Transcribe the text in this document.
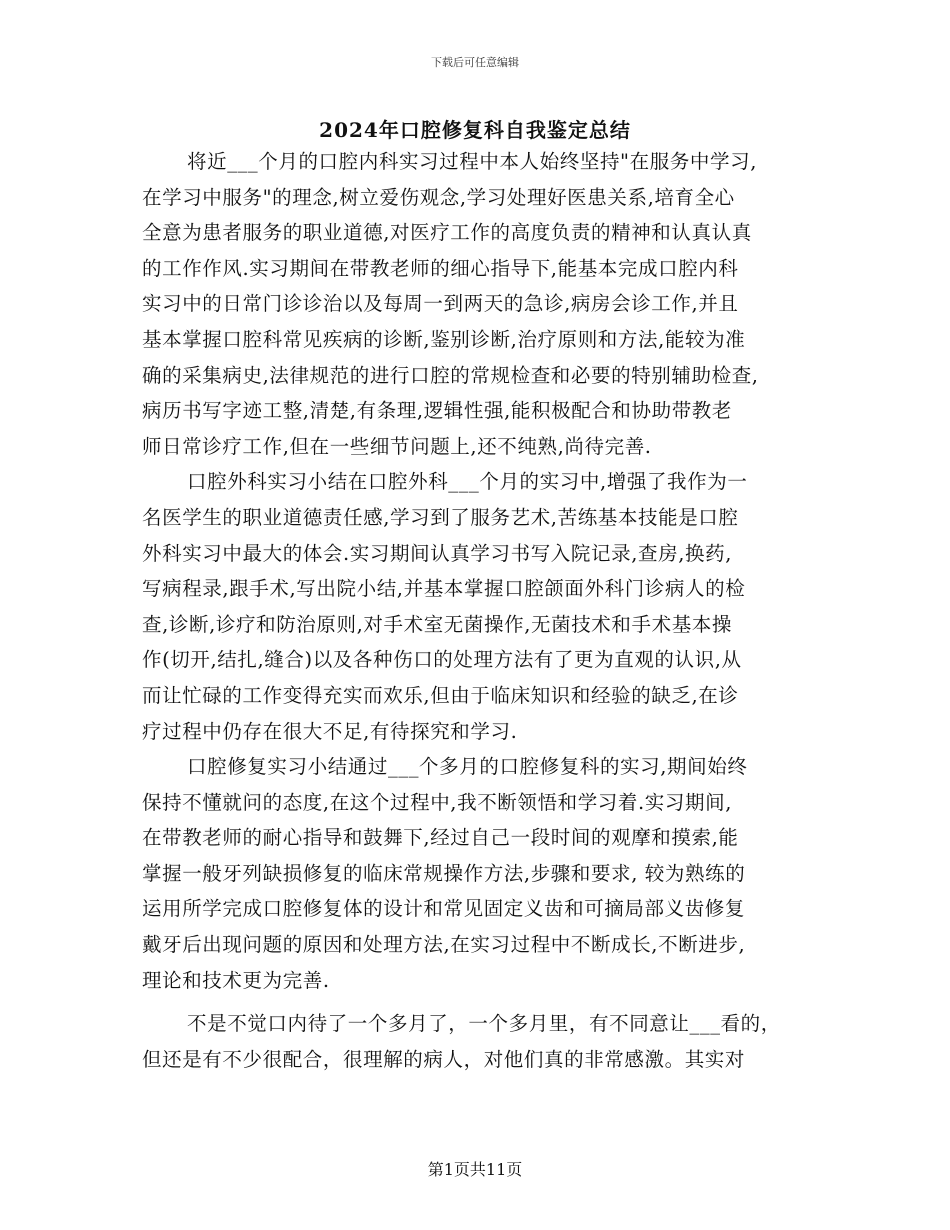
下载后可任意编辑
2024年口腔修复科自我鉴定总结
将近___个月的口腔内科实习过程中本人始终坚持"在服务中学习,
在学习中服务"的理念,树立爱伤观念,学习处理好医患关系,培育全心
全意为患者服务的职业道德,对医疗工作的高度负责的精神和认真认真
的工作作风.实习期间在带教老师的细心指导下,能基本完成口腔内科
实习中的日常门诊诊治以及每周一到两天的急诊,病房会诊工作,并且
基本掌握口腔科常见疾病的诊断,鉴别诊断,治疗原则和方法,能较为准
确的采集病史,法律规范的进行口腔的常规检查和必要的特别辅助检查,
病历书写字迹工整,清楚,有条理,逻辑性强,能积极配合和协助带教老
师日常诊疗工作,但在一些细节问题上,还不纯熟,尚待完善.
口腔外科实习小结在口腔外科___个月的实习中,增强了我作为一
名医学生的职业道德责任感,学习到了服务艺术,苦练基本技能是口腔
外科实习中最大的体会.实习期间认真学习书写入院记录,查房,换药,
写病程录,跟手术,写出院小结,并基本掌握口腔颌面外科门诊病人的检
查,诊断,诊疗和防治原则,对手术室无菌操作,无菌技术和手术基本操
作(切开,结扎,缝合)以及各种伤口的处理方法有了更为直观的认识,从
而让忙碌的工作变得充实而欢乐,但由于临床知识和经验的缺乏,在诊
疗过程中仍存在很大不足,有待探究和学习.
口腔修复实习小结通过___个多月的口腔修复科的实习,期间始终
保持不懂就问的态度,在这个过程中,我不断领悟和学习着.实习期间,
在带教老师的耐心指导和鼓舞下,经过自己一段时间的观摩和摸索,能
掌握一般牙列缺损修复的临床常规操作方法,步骤和要求, 较为熟练的
运用所学完成口腔修复体的设计和常见固定义齿和可摘局部义齿修复
戴牙后出现问题的原因和处理方法,在实习过程中不断成长,不断进步,
理论和技术更为完善.
不是不觉口内待了一个多月了，一个多月里，有不同意让___看的，
但还是有不少很配合，很理解的病人，对他们真的非常感激。其实对
第1页共11页
